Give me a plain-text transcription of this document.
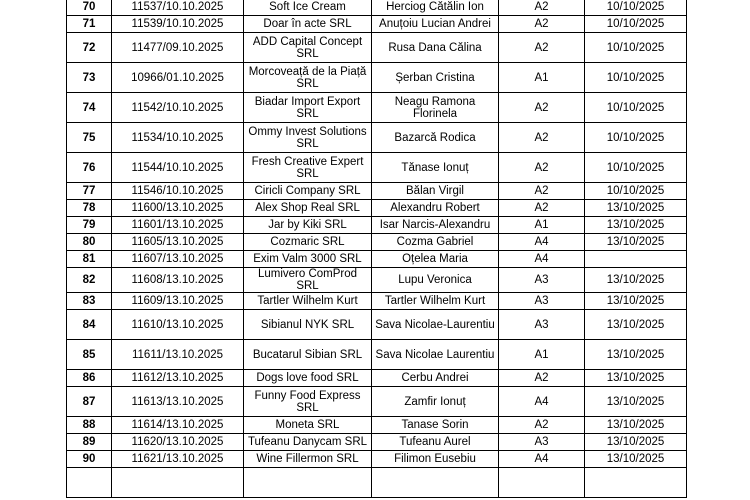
70	11537/10.10.2025	Soft Ice Cream	Herciog Cătălin Ion	A2	10/10/2025
71	11539/10.10.2025	Doar în acte SRL	Anuțoiu Lucian Andrei	A2	10/10/2025
72	11477/09.10.2025	ADD Capital Concept SRL	Rusa Dana Călina	A2	10/10/2025
73	10966/01.10.2025	Morcoveață de la Piață SRL	Șerban Cristina	A1	10/10/2025
74	11542/10.10.2025	Biadar Import Export SRL	Neagu Ramona Florinela	A2	10/10/2025
75	11534/10.10.2025	Ommy Invest Solutions SRL	Bazarcă Rodica	A2	10/10/2025
76	11544/10.10.2025	Fresh Creative Expert SRL	Tănase Ionuț	A2	10/10/2025
77	11546/10.10.2025	Ciricli Company SRL	Bălan Virgil	A2	10/10/2025
78	11600/13.10.2025	Alex Shop Real SRL	Alexandru Robert	A2	13/10/2025
79	11601/13.10.2025	Jar by Kiki SRL	Isar Narcis-Alexandru	A1	13/10/2025
80	11605/13.10.2025	Cozmaric SRL	Cozma Gabriel	A4	13/10/2025
81	11607/13.10.2025	Exim Valm 3000 SRL	Oțelea Maria	A4	
82	11608/13.10.2025	Lumivero ComProd SRL	Lupu Veronica	A3	13/10/2025
83	11609/13.10.2025	Tartler Wilhelm Kurt	Tartler Wilhelm Kurt	A3	13/10/2025
84	11610/13.10.2025	Sibianul NYK SRL	Sava Nicolae-Laurentiu	A3	13/10/2025
85	11611/13.10.2025	Bucatarul Sibian SRL	Sava Nicolae Laurentiu	A1	13/10/2025
86	11612/13.10.2025	Dogs love food SRL	Cerbu Andrei	A2	13/10/2025
87	11613/13.10.2025	Funny Food Express SRL	Zamfir Ionuț	A4	13/10/2025
88	11614/13.10.2025	Moneta SRL	Tanase Sorin	A2	13/10/2025
89	11620/13.10.2025	Tufeanu Danycam SRL	Tufeanu Aurel	A3	13/10/2025
90	11621/13.10.2025	Wine Fillermon SRL	Filimon Eusebiu	A4	13/10/2025
